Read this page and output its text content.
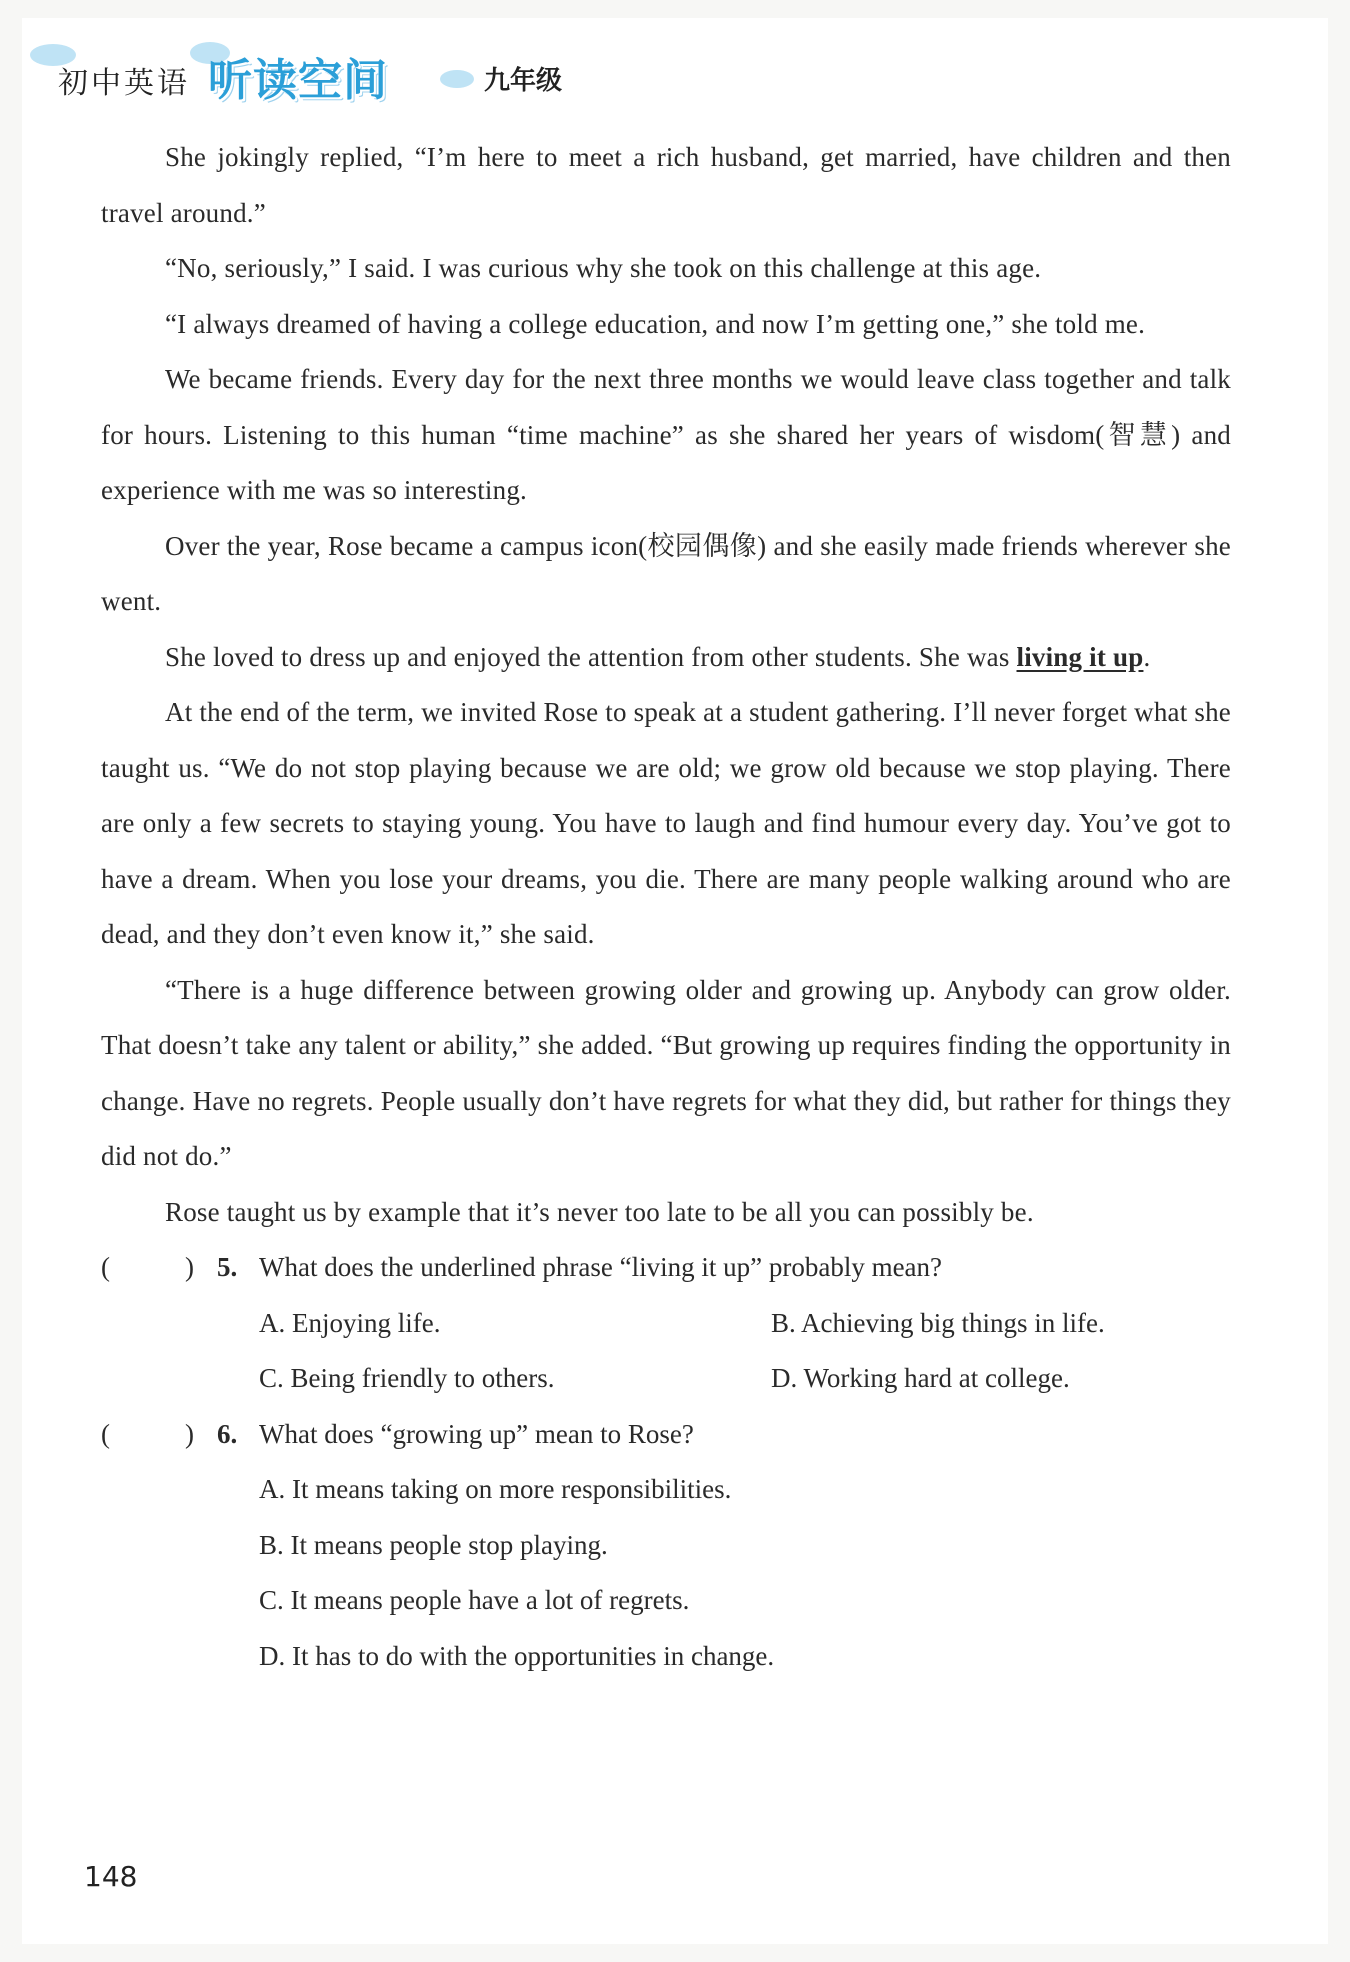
初中英语 听读空间	九年级

She jokingly replied, “I’m here to meet a rich husband, get married, have children and then travel around.”

“No, seriously,” I said. I was curious why she took on this challenge at this age.

“I always dreamed of having a college education, and now I’m getting one,” she told me.

We became friends. Every day for the next three months we would leave class together and talk for hours. Listening to this human “time machine” as she shared her years of wisdom(智慧) and experience with me was so interesting.

Over the year, Rose became a campus icon(校园偶像) and she easily made friends wherever she went.

She loved to dress up and enjoyed the attention from other students. She was living it up.

At the end of the term, we invited Rose to speak at a student gathering. I’ll never forget what she taught us. “We do not stop playing because we are old; we grow old because we stop playing. There are only a few secrets to staying young. You have to laugh and find humour every day. You’ve got to have a dream. When you lose your dreams, you die. There are many people walking around who are dead, and they don’t even know it,” she said.

“There is a huge difference between growing older and growing up. Anybody can grow older. That doesn’t take any talent or ability,” she added. “But growing up requires finding the opportunity in change. Have no regrets. People usually don’t have regrets for what they did, but rather for things they did not do.”

Rose taught us by example that it’s never too late to be all you can possibly be.

(	) 5. What does the underlined phrase “living it up” probably mean?
A. Enjoying life.	B. Achieving big things in life.
C. Being friendly to others.	D. Working hard at college.
(	) 6. What does “growing up” mean to Rose?
A. It means taking on more responsibilities.
B. It means people stop playing.
C. It means people have a lot of regrets.
D. It has to do with the opportunities in change.
148
